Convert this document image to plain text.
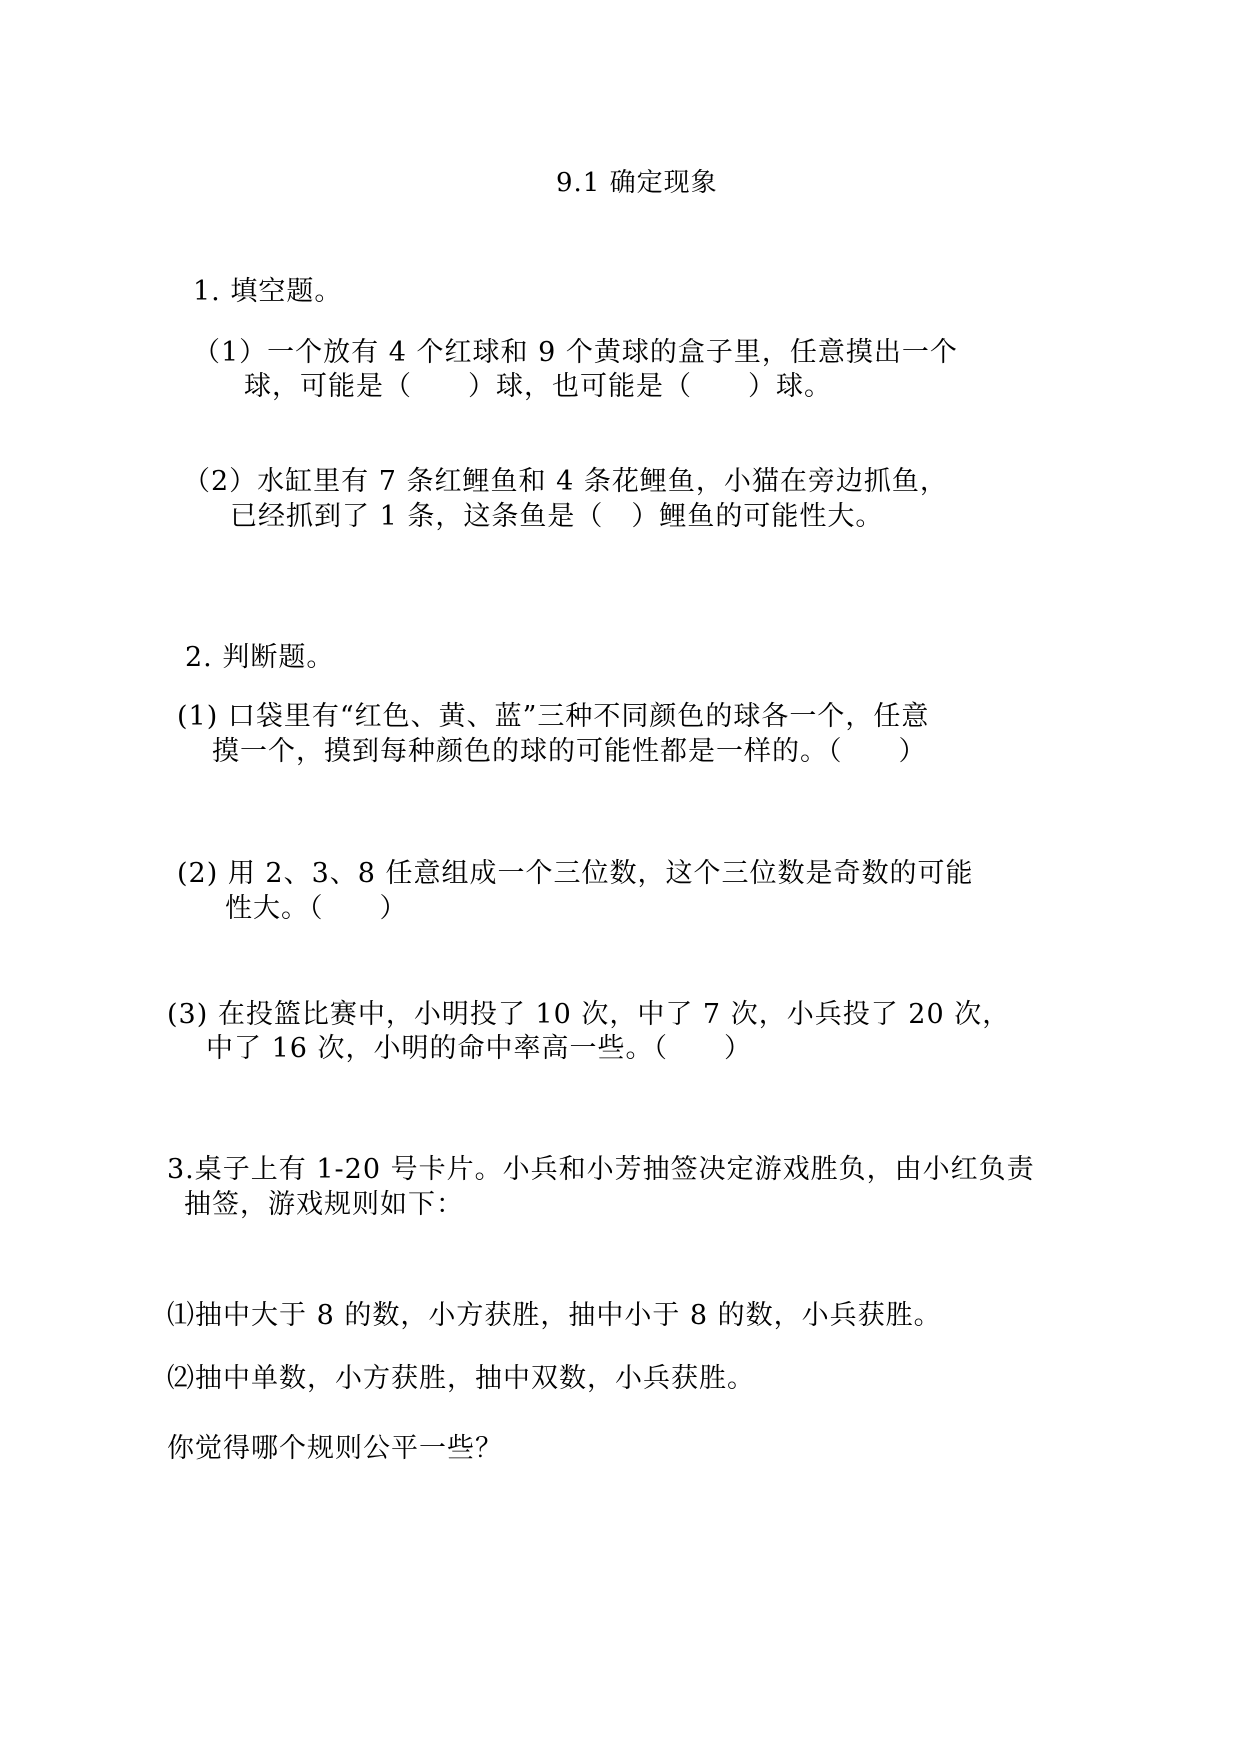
9.1 确定现象
1. 填空题。
（1）一个放有 4 个红球和 9 个黄球的盒子里，任意摸出一个
球，可能是（　　）球，也可能是（　　）球。
（2）水缸里有 7 条红鲤鱼和 4 条花鲤鱼，小猫在旁边抓鱼，
已经抓到了 1 条，这条鱼是（　）鲤鱼的可能性大。
2. 判断题。
(1) 口袋里有“红色、黄、蓝”三种不同颜色的球各一个，任意
摸一个，摸到每种颜色的球的可能性都是一样的。（　　）
(2) 用 2、3、8 任意组成一个三位数，这个三位数是奇数的可能
性大。（　　）
(3) 在投篮比赛中，小明投了 10 次，中了 7 次，小兵投了 20 次，
中了 16 次，小明的命中率高一些。（　　）
3.桌子上有 1-20 号卡片。小兵和小芳抽签决定游戏胜负，由小红负责
抽签，游戏规则如下：
⑴抽中大于 8 的数，小方获胜，抽中小于 8 的数，小兵获胜。
⑵抽中单数，小方获胜，抽中双数，小兵获胜。
你觉得哪个规则公平一些？
